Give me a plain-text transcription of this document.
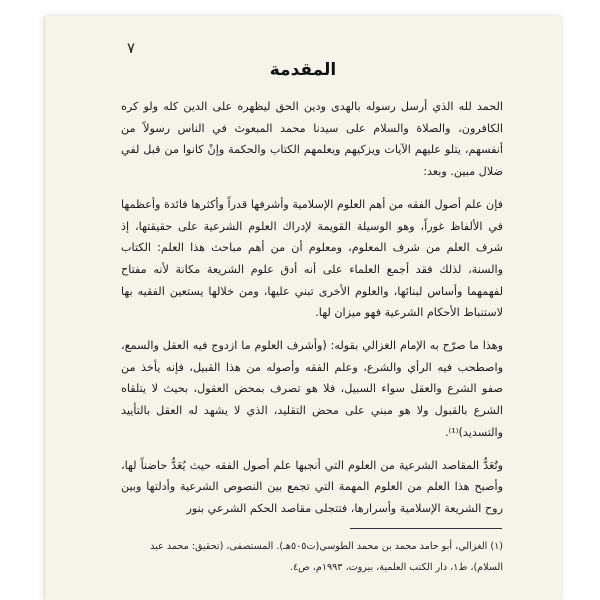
٧
المقدمة

الحمد لله الذي أرسل رسوله بالهدى ودين الحق ليظهره على الدين كله ولو كره الكافرون، والصلاة والسلام على سيدنا محمد المبعوث في الناس رسولاً من أنفسهم، يتلو عليهم الآيات ويزكيهم ويعلمهم الكتاب والحكمة وإنْ كانوا من قبل لفي ضلال مبين. وبعد:

فإن علم أصول الفقه من أهم العلوم الإسلامية وأشرفها قدراً وأكثرها فائدة وأعظمها في الألفاظ غوراً، وهو الوسيلة القويمة لإدراك العلوم الشرعية على حقيقتها، إذ شرف العلم من شرف المعلوم، ومعلوم أن من أهم مباحث هذا العلم: الكتاب والسنة، لذلك فقد أجمع العلماء على أنه أدق علوم الشريعة مكانة لأنه مفتاح لفهمهما وأساس لبنائها، والعلوم الأخرى تبني عليها، ومن خلالها يستعين الفقيه بها لاستنباط الأحكام الشرعية فهو ميزان لها.

وهذا ما صرّح به الإمام الغزالي بقوله: (وأشرف العلوم ما ازدوج فيه العقل والسمع، واصطحب فيه الرأي والشرع، وعلم الفقه وأصوله من هذا القبيل، فإنه يأخذ من صفو الشرع والعقل سواء السبيل، فلا هو تصرف بمحض العقول، بحيث لا يتلقاه الشرع بالقبول ولا هو مبني على محض التقليد، الذي لا يشهد له العقل بالتأييد والتسديد)⁽¹⁾.

وتُعَدُّ المقاصد الشرعية من العلوم التي أنجبها علم أصول الفقه حيث يُعَدُّ حاضناً لها، وأصبح هذا العلم من العلوم المهمة التي تجمع بين النصوص الشرعية وأدلتها وبين روح الشريعة الإسلامية وأسرارها، فتتجلى مقاصد الحكم الشرعي بنور

(١) الغزالي، أبو حامد محمد بن محمد الطوسي(ت٥٠٥هـ). المستصفى، (تحقيق: محمد عبد السلام)، ط١، دار الكتب العلمية، بيروت، ١٩٩٣م، ص٤.
